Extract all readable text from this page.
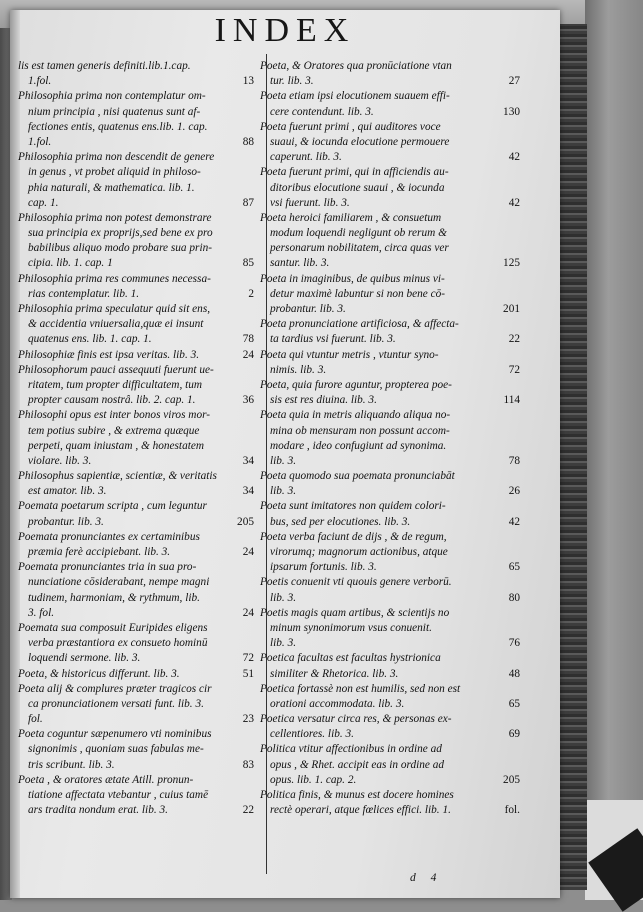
INDEX
lis est tamen generis definiti.lib.1.cap.
1.fol.	13
Philosophia prima non contemplatur om-
nium principia , nisi quatenus sunt af-
fectiones entis, quatenus ens.lib. 1. cap.
1.fol.	88
Philosophia prima non descendit de genere
in genus , vt probet aliquid in philoso-
phia naturali, & mathematica. lib. 1.
cap. 1.	87
Philosophia prima non potest demonstrare
sua principia ex proprijs,sed bene ex pro
babilibus aliquo modo probare sua prin-
cipia. lib. 1. cap. 1	85
Philosophia prima res communes necessa-
rias contemplatur. lib. 1.	2
Philosophia prima speculatur quid sit ens,
& accidentia vniuersalia,quæ ei insunt
quatenus ens. lib. 1. cap. 1.	78
Philosophiæ finis est ipsa veritas. lib. 3.	24
Philosophorum pauci assequuti fuerunt ue-
ritatem, tum propter difficultatem, tum
propter causam nostrâ. lib. 2. cap. 1.	36
Philosophi opus est inter bonos viros mor-
tem potius subire , & extrema quæque
perpeti, quam iniustam , & honestatem
violare. lib. 3.	34
Philosophus sapientiæ, scientiæ, & veritatis
est amator. lib. 3.	34
Poemata poetarum scripta , cum leguntur
probantur. lib. 3.	205
Poemata pronunciantes ex certaminibus
præmia ferè accipiebant. lib. 3.	24
Poemata pronunciantes tria in sua pro-
nunciatione cōsiderabant, nempe magni
tudinem, harmoniam, & rythmum, lib.
3. fol.	24
Poemata sua composuit Euripides eligens
verba præstantiora ex consueto hominū
loquendi sermone. lib. 3.	72
Poeta, & historicus differunt. lib. 3.	51
Poeta alij & complures præter tragicos cir
ca pronunciationem versati funt. lib. 3.
fol.	23
Poeta coguntur sæpenumero vti nominibus
signonimis , quoniam suas fabulas me-
tris scribunt. lib. 3.	83
Poeta , & oratores ætate Atill. pronun-
tiatione affectata vtebantur , cuius tamē
ars tradita nondum erat. lib. 3.	22
Poeta, & Oratores qua pronūciatione vtan
tur. lib. 3.	27
Poeta etiam ipsi elocutionem suauem effi-
cere contendunt. lib. 3.	130
Poeta fuerunt primi , qui auditores voce
suaui, & iocunda elocutione permouere
caperunt. lib. 3.	42
Poeta fuerunt primi, qui in afficiendis au-
ditoribus elocutione suaui , & iocunda
vsi fuerunt. lib. 3.	42
Poeta heroici familiarem , & consuetum
modum loquendi negligunt ob rerum &
personarum nobilitatem, circa quas ver
santur. lib. 3.	125
Poeta in imaginibus, de quibus minus vi-
detur maximè labuntur si non bene cō-
probantur. lib. 3.	201
Poeta pronunciatione artificiosa, & affecta-
ta tardius vsi fuerunt. lib. 3.	22
Poeta qui vtuntur metris , vtuntur syno-
nimis. lib. 3.	72
Poeta, quia furore aguntur, propterea poe-
sis est res diuina. lib. 3.	114
Poeta quia in metris aliquando aliqua no-
mina ob mensuram non possunt accom-
modare , ideo confugiunt ad synonima.
lib. 3.	78
Poeta quomodo sua poemata pronunciabāt
lib. 3.	26
Poeta sunt imitatores non quidem colori-
bus, sed per elocutiones. lib. 3.	42
Poeta verba faciunt de dijs , & de regum,
virorumq; magnorum actionibus, atque
ipsarum fortunis. lib. 3.	65
Poetis conuenit vti quouis genere verborū.
lib. 3.	80
Poetis magis quam artibus, & scientijs no
minum synonimorum vsus conuenit.
lib. 3.	76
Poetica facultas est facultas hystrionica
similiter & Rhetorica. lib. 3.	48
Poetica fortassè non est humilis, sed non est
orationi accommodata. lib. 3.	65
Poetica versatur circa res, & personas ex-
cellentiores. lib. 3.	69
Politica vtitur affectionibus in ordine ad
opus , & Rhet. accipit eas in ordine ad
opus. lib. 1. cap. 2.	205
Politica finis, & munus est docere homines
rectè operari, atque fœlices effici. lib. 1.	fol.
d 4
